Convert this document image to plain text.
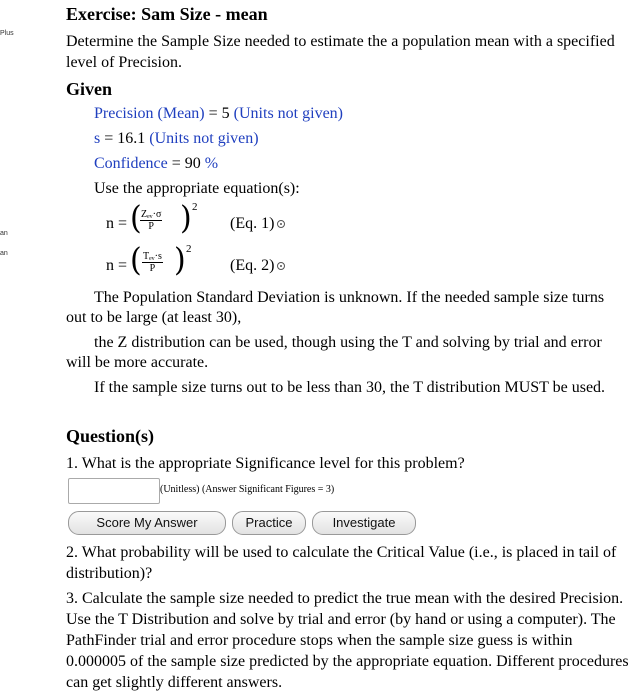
Plus
an
an
Exercise: Sam Size - mean
Determine the Sample Size needed to estimate the a population mean with a specified level of Precision.
Given
Precision (Mean) = 5 (Units not given)
s = 16.1 (Units not given)
Confidence = 90 %
Use the appropriate equation(s):
n = ( Zₑᵥ·σ
P ) 2
(Eq. 1)
n = ( Tₑᵥ·s
P ) 2
(Eq. 2)
The Population Standard Deviation is unknown. If the needed sample size turns out to be large (at least 30),
the Z distribution can be used, though using the T and solving by trial and error will be more accurate.
If the sample size turns out to be less than 30, the T distribution MUST be used.
Question(s)
1. What is the appropriate Significance level for this problem?
(Unitless) (Answer Significant Figures = 3)
Score My Answer	Practice	Investigate
2. What probability will be used to calculate the Critical Value (i.e., is placed in tail of distribution)?
3. Calculate the sample size needed to predict the true mean with the desired Precision. Use the T Distribution and solve by trial and error (by hand or using a computer). The PathFinder trial and error procedure stops when the sample size guess is within 0.000005 of the sample size predicted by the appropriate equation. Different procedures can get slightly different answers.
